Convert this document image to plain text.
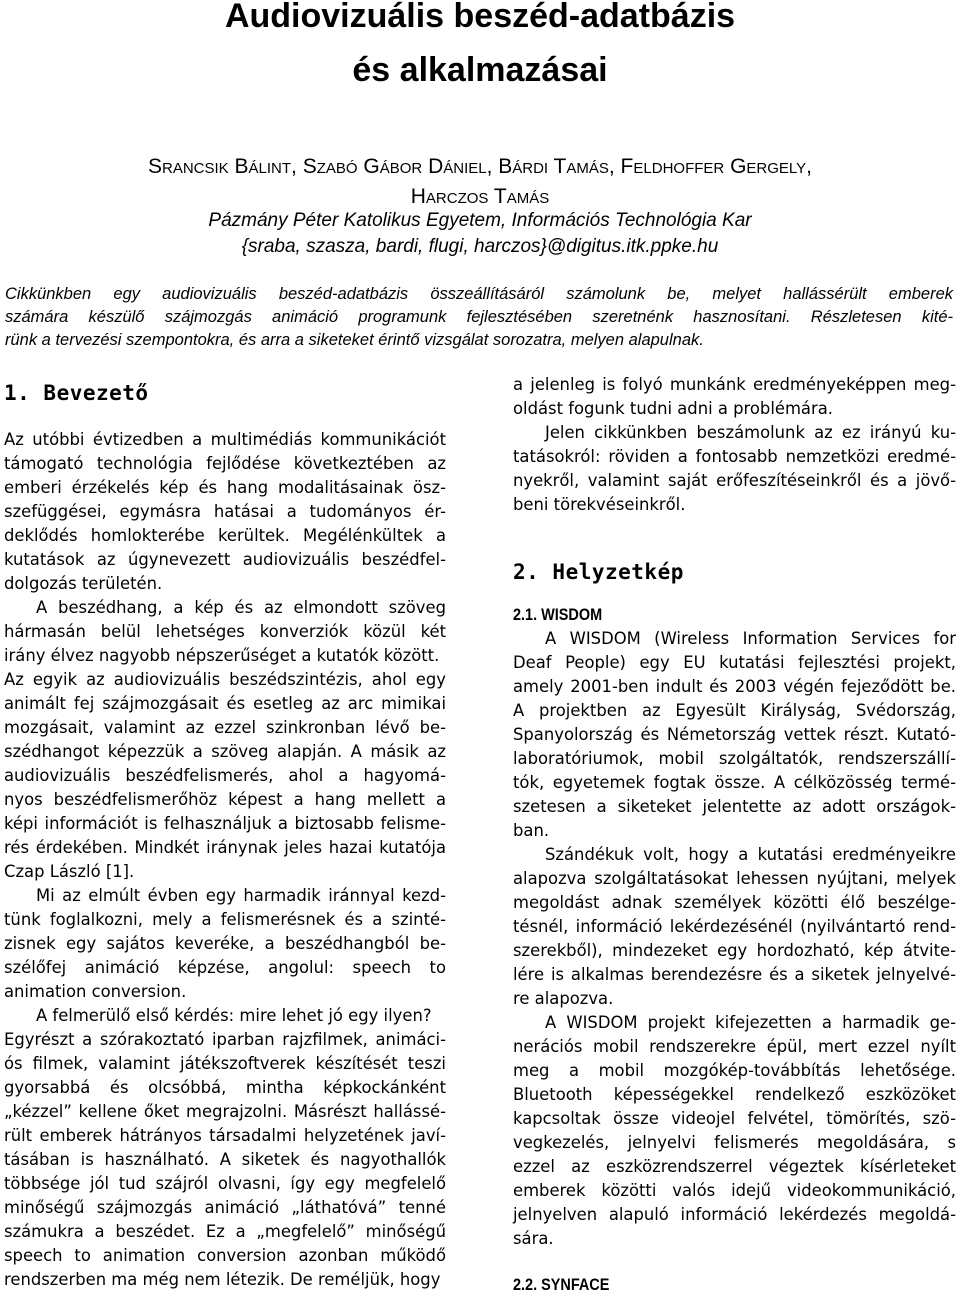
Audiovizuális beszéd-adatbázis
és alkalmazásai
Srancsik Bálint, Szabó Gábor Dániel, Bárdi Tamás, Feldhoffer Gergely,
Harczos Tamás
Pázmány Péter Katolikus Egyetem, Információs Technológia Kar
{sraba, szasza, bardi, flugi, harczos}@digitus.itk.ppke.hu
Cikkünkben egy audiovizuális beszéd-adatbázis összeállításáról számolunk be, melyet hallássérült emberek
számára készülő szájmozgás animáció programunk fejlesztésében szeretnénk hasznosítani. Részletesen kité-
rünk a tervezési szempontokra, és arra a siketeket érintő vizsgálat sorozatra, melyen alapulnak.
1. Bevezető
Az utóbbi évtizedben a multimédiás kommunikációt
támogató technológia fejlődése következtében az
emberi érzékelés kép és hang modalitásainak ösz-
szefüggései, egymásra hatásai a tudományos ér-
deklődés homlokterébe kerültek. Megélénkültek a
kutatások az úgynevezett audiovizuális beszédfel-
dolgozás területén.
A beszédhang, a kép és az elmondott szöveg
hármasán belül lehetséges konverziók közül két
irány élvez nagyobb népszerűséget a kutatók között.
Az egyik az audiovizuális beszédszintézis, ahol egy
animált fej szájmozgásait és esetleg az arc mimikai
mozgásait, valamint az ezzel szinkronban lévő be-
szédhangot képezzük a szöveg alapján. A másik az
audiovizuális beszédfelismerés, ahol a hagyomá-
nyos beszédfelismerőhöz képest a hang mellett a
képi információt is felhasználjuk a biztosabb felisme-
rés érdekében. Mindkét iránynak jeles hazai kutatója
Czap László [1].
Mi az elmúlt évben egy harmadik iránnyal kezd-
tünk foglalkozni, mely a felismerésnek és a szinté-
zisnek egy sajátos keveréke, a beszédhangból be-
szélőfej animáció képzése, angolul: speech to
animation conversion.
A felmerülő első kérdés: mire lehet jó egy ilyen?
Egyrészt a szórakoztató iparban rajzfilmek, animáci-
ós filmek, valamint játékszoftverek készítését teszi
gyorsabbá és olcsóbbá, mintha képkockánként
„kézzel” kellene őket megrajzolni. Másrészt hallássé-
rült emberek hátrányos társadalmi helyzetének javí-
tásában is használható. A siketek és nagyothallók
többsége jól tud szájról olvasni, így egy megfelelő
minőségű szájmozgás animáció „láthatóvá” tenné
számukra a beszédet. Ez a „megfelelő” minőségű
speech to animation conversion azonban működő
rendszerben ma még nem létezik. De reméljük, hogy
a jelenleg is folyó munkánk eredményeképpen meg-
oldást fogunk tudni adni a problémára.
Jelen cikkünkben beszámolunk az ez irányú ku-
tatásokról: röviden a fontosabb nemzetközi eredmé-
nyekről, valamint saját erőfeszítéseinkről és a jövő-
beni törekvéseinkről.
2. Helyzetkép
2.1. WISDOM
A WISDOM (Wireless Information Services for
Deaf People) egy EU kutatási fejlesztési projekt,
amely 2001-ben indult és 2003 végén fejeződött be.
A projektben az Egyesült Királyság, Svédország,
Spanyolország és Németország vettek részt. Kutató-
laboratóriumok, mobil szolgáltatók, rendszerszállí-
tók, egyetemek fogtak össze. A célközösség termé-
szetesen a siketeket jelentette az adott országok-
ban.
Szándékuk volt, hogy a kutatási eredményeikre
alapozva szolgáltatásokat lehessen nyújtani, melyek
megoldást adnak személyek közötti élő beszélge-
tésnél, információ lekérdezésénél (nyilvántartó rend-
szerekből), mindezeket egy hordozható, kép átvite-
lére is alkalmas berendezésre és a siketek jelnyelvé-
re alapozva.
A WISDOM projekt kifejezetten a harmadik ge-
nerációs mobil rendszerekre épül, mert ezzel nyílt
meg a mobil mozgókép-továbbítás lehetősége.
Bluetooth képességekkel rendelkező eszközöket
kapcsoltak össze videojel felvétel, tömörítés, szö-
vegkezelés, jelnyelvi felismerés megoldására, s
ezzel az eszközrendszerrel végeztek kísérleteket
emberek közötti valós idejű videokommunikáció,
jelnyelven alapuló információ lekérdezés megoldá-
sára.
2.2. SYNFACE
